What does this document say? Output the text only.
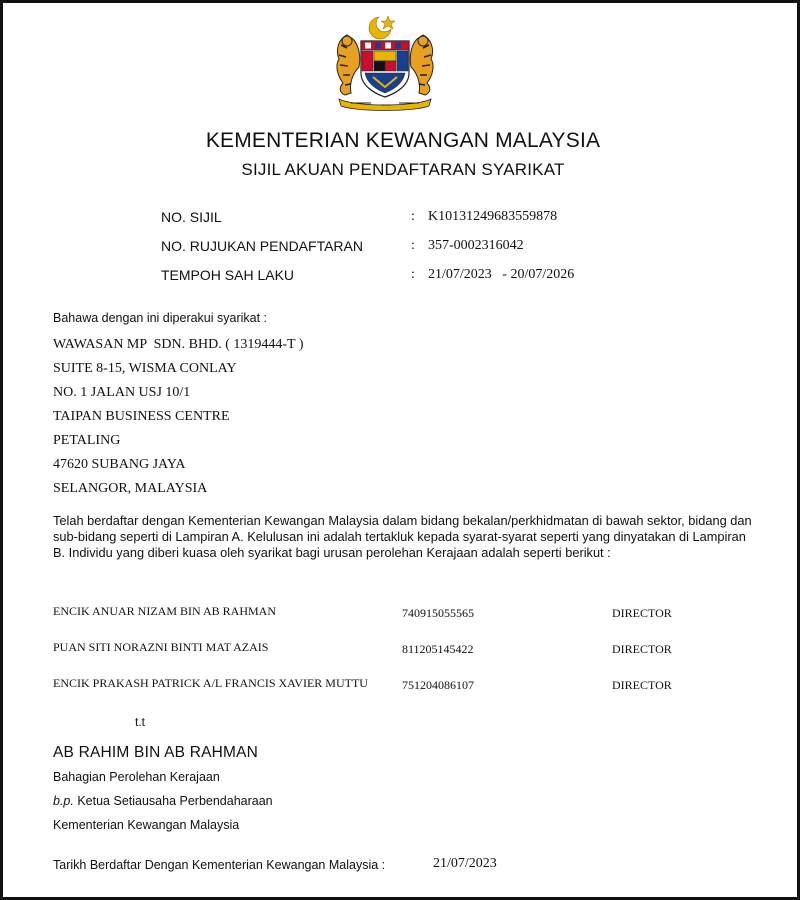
KEMENTERIAN KEWANGAN MALAYSIA
SIJIL AKUAN PENDAFTARAN SYARIKAT
NO. SIJIL	: K10131249683559878
NO. RUJUKAN PENDAFTARAN	: 357-0002316042
TEMPOH SAH LAKU	: 21/07/2023   - 20/07/2026
Bahawa dengan ini diperakui syarikat :
WAWASAN MP  SDN. BHD. ( 1319444-T )
SUITE 8-15, WISMA CONLAY
NO. 1 JALAN USJ 10/1
TAIPAN BUSINESS CENTRE
PETALING
47620 SUBANG JAYA
SELANGOR, MALAYSIA
Telah berdaftar dengan Kementerian Kewangan Malaysia dalam bidang bekalan/perkhidmatan di bawah sektor, bidang dan sub-bidang seperti di Lampiran A. Kelulusan ini adalah tertakluk kepada syarat-syarat seperti yang dinyatakan di Lampiran B. Individu yang diberi kuasa oleh syarikat bagi urusan perolehan Kerajaan adalah seperti berikut :
ENCIK ANUAR NIZAM BIN AB RAHMAN	740915055565	DIRECTOR
PUAN SITI NORAZNI BINTI MAT AZAIS	811205145422	DIRECTOR
ENCIK PRAKASH PATRICK A/L FRANCIS XAVIER MUTTU	751204086107	DIRECTOR
t.t
AB RAHIM BIN AB RAHMAN
Bahagian Perolehan Kerajaan
b.p. Ketua Setiausaha Perbendaharaan
Kementerian Kewangan Malaysia
Tarikh Berdaftar Dengan Kementerian Kewangan Malaysia :	21/07/2023
